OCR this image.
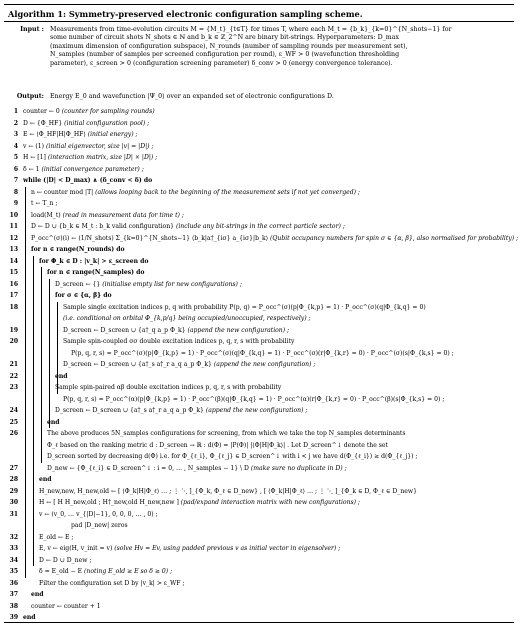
Algorithm 1: Symmetry-preserved electronic configuration sampling scheme.
Input : Measurements from time-evolution circuits M = {M_t}_{t∈T} for times T, where each M_t = {b_k}_{k=0}^{N_shots−1} for
some number of circuit shots N_shots ∈ ℕ and b_k ∈ ℤ_2^N are binary bit-strings. Hyperparameters: D_max
(maximum dimension of configuration subspace), N_rounds (number of sampling rounds per measurement set),
N_samples (number of samples per screened configuration per round), ε_WF > 0 (wavefunction thresholding
parameter), ε_screen > 0 (configuration screening parameter) δ_conv > 0 (energy convergence tolerance).
Output: Energy E_0 and wavefunction |Ψ_0⟩ over an expanded set of electronic configurations D.
1 counter ← 0 (counter for sampling rounds)
2 D ← {Φ_HF} (initial configuration pool) ;
3 E ← ⟨Φ_HF|H|Φ_HF⟩ (initial energy) ;
4 v ← (1) (initial eigenvector, size |v| = |D|) ;
5 H ← [1] (interaction matrix, size |D| × |D|) ;
6 δ ← 1 (initial convergence parameter) ;
7 while (|D| < D_max) ∧ (δ_conv < δ) do
8 n ← counter mod |T| (allows looping back to the beginning of the measurement sets if not yet converged) ;
9 t ← T_n ;
10 load(M_t) (read in measurement data for time t) ;
11 D ← D ∪ {b_k ∈ M_t : b_k valid configuration} (include any bit-strings in the correct particle sector) ;
12 P_occ^(σ)(i) ← (1/N_shots) Σ_{k=0}^{N_shots−1} ⟨b_k|a†_{iσ} a_{iσ}|b_k⟩ (Qubit occupancy numbers for spin σ ∈ {α, β}, also normalised for probability) ;
13 for n ∈ range(N_rounds) do
14	for Φ_k ∈ D : |v_k| > ε_screen do
15	for n ∈ range(N_samples) do
16	D_screen ← {} (initialise empty list for new configurations) ;
17	for σ ∈ {α, β} do
18	Sample single excitation indices p, q with probability P(p, q) = P_occ^(σ)(p|Φ_{k,p} = 1) · P_occ^(σ)(q|Φ_{k,q} = 0)
(i.e. conditional on orbital Φ_{k,p/q} being occupied/unoccupied, respectively) ;
19	D_screen ← D_screen ∪ {a†_q a_p Φ_k} (append the new configuration) ;
20	Sample spin-coupled σσ double excitation indices p, q, r, s with probability
P(p, q, r, s) = P_occ^(σ)(p|Φ_{k,p} = 1) · P_occ^(σ)(q|Φ_{k,q} = 1) · P_occ^(σ)(r|Φ_{k,r} = 0) · P_occ^(σ)(s|Φ_{k,s} = 0) ;
21	D_screen ← D_screen ∪ {a†_s a†_r a_q a_p Φ_k} (append the new configuration) ;
22	end
23	Sample spin-paired αβ double excitation indices p, q, r, s with probability
P(p, q, r, s) = P_occ^(α)(p|Φ_{k,p} = 1) · P_occ^(β)(q|Φ_{k,q} = 1) · P_occ^(α)(r|Φ_{k,r} = 0) · P_occ^(β)(s|Φ_{k,s} = 0) ;
24	D_screen ← D_screen ∪ {a†_s a†_r a_q a_p Φ_k} (append the new configuration) ;
25	end
26	The above produces 5N_samples configurations for screening, from which we take the top N_samples determinants
Φ_ℓ based on the ranking metric d : D_screen → ℝ : d(Φ) = |P(Φ)| |⟨Φ|H|Φ_k⟩| . Let D_screen^↓ denote the set
D_screen sorted by decreasing d(Φ) i.e. for Φ_{ℓ_i}, Φ_{ℓ_j} ∈ D_screen^↓ with i < j we have d(Φ_{ℓ_i}) ≥ d(Φ_{ℓ_j}) ;
27	D_new ← {Φ_{ℓ_i} ∈ D_screen^↓ : i = 0, … , N_samples − 1} \ D (make sure no duplicate in D) ;
28	end
29	H_new,new, H_new,old ← [ ⟨Φ_k|H|Φ_ℓ⟩ … ; ⋮ ⋱ ]_{Φ_k, Φ_ℓ ∈ D_new} , [ ⟨Φ_k|H|Φ_ℓ⟩ … ; ⋮ ⋱ ]_{Φ_k ∈ D, Φ_ℓ ∈ D_new}
30	H ← [ H H_new,old ; H†_new,old H_new,new ] (pad/expand interaction matrix with new configurations) ;
31	v ← (v_0, … v_{|D|−1}, 0, 0, 0, … , 0) ;
pad |D_new| zeros
32	E_old ← E ;
33	E, v ← eig(H, v_init = v) (solve Hv = Ev, using padded previous v as initial vector in eigensolver) ;
34	D ← D ∪ D_new ;
35	δ = E_old − E (noting E_old ≥ E so δ ≥ 0) ;
36	Filter the configuration set D by |v_k| > ε_WF ;
37 end
38 counter ← counter + 1
39 end
